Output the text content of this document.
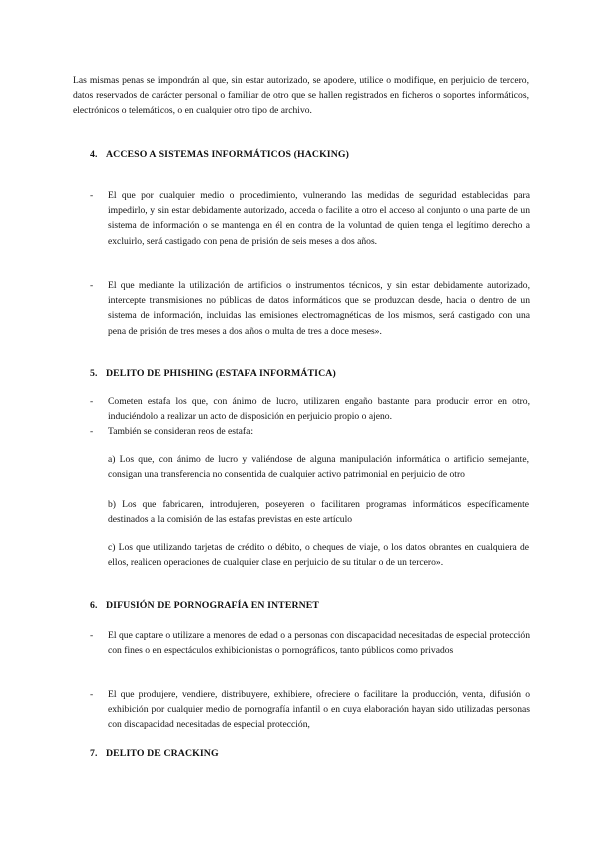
Las mismas penas se impondrán al que, sin estar autorizado, se apodere, utilice o modifique, en perjuicio de tercero, datos reservados de carácter personal o familiar de otro que se hallen registrados en ficheros o soportes informáticos, electrónicos o telemáticos, o en cualquier otro tipo de archivo.

4. ACCESO A SISTEMAS INFORMÁTICOS (HACKING)
- El que por cualquier medio o procedimiento, vulnerando las medidas de seguridad establecidas para impedirlo, y sin estar debidamente autorizado, acceda o facilite a otro el acceso al conjunto o una parte de un sistema de información o se mantenga en él en contra de la voluntad de quien tenga el legítimo derecho a excluirlo, será castigado con pena de prisión de seis meses a dos años.

- El que mediante la utilización de artificios o instrumentos técnicos, y sin estar debidamente autorizado, intercepte transmisiones no públicas de datos informáticos que se produzcan desde, hacia o dentro de un sistema de información, incluidas las emisiones electromagnéticas de los mismos, será castigado con una pena de prisión de tres meses a dos años o multa de tres a doce meses».

5. DELITO DE PHISHING (ESTAFA INFORMÁTICA)
- Cometen estafa los que, con ánimo de lucro, utilizaren engaño bastante para producir error en otro, induciéndolo a realizar un acto de disposición en perjuicio propio o ajeno.

- También se consideran reos de estafa:

a) Los que, con ánimo de lucro y valiéndose de alguna manipulación informática o artificio semejante, consigan una transferencia no consentida de cualquier activo patrimonial en perjuicio de otro

b) Los que fabricaren, introdujeren, poseyeren o facilitaren programas informáticos específicamente destinados a la comisión de las estafas previstas en este artículo

c) Los que utilizando tarjetas de crédito o débito, o cheques de viaje, o los datos obrantes en cualquiera de ellos, realicen operaciones de cualquier clase en perjuicio de su titular o de un tercero».

6. DIFUSIÓN DE PORNOGRAFÍA EN INTERNET
- El que captare o utilizare a menores de edad o a personas con discapacidad necesitadas de especial protección con fines o en espectáculos exhibicionistas o pornográficos, tanto públicos como privados

- El que produjere, vendiere, distribuyere, exhibiere, ofreciere o facilitare la producción, venta, difusión o exhibición por cualquier medio de pornografía infantil o en cuya elaboración hayan sido utilizadas personas con discapacidad necesitadas de especial protección,

7. DELITO DE CRACKING
